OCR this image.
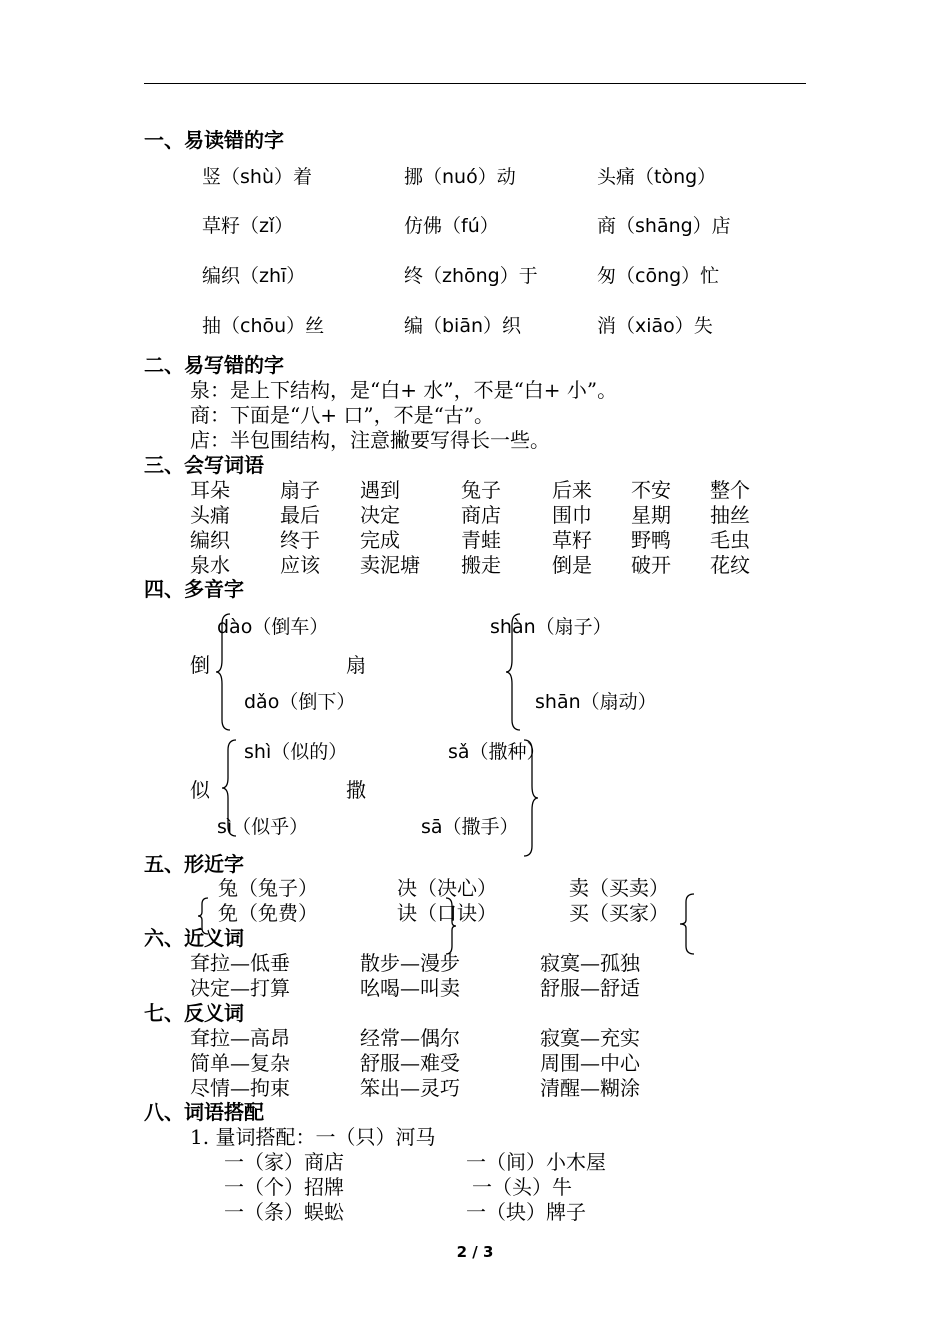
一、易读错的字
竖（shù）着	挪（nuó）动	头痛（tòng）
草籽（zǐ）	仿佛（fú）	商（shāng）店
编织（zhī）	终（zhōng）于	匆（cōng）忙
抽（chōu）丝	编（biān）织	消（xiāo）失
二、易写错的字
泉：是上下结构，是“白+ 水”，不是“白+ 小”。
商：下面是“八+ 口”，不是“古”。
店：半包围结构，注意撇要写得长一些。
三、会写词语
耳朵	扇子 遇到	兔子	后来 不安 整个
头痛	最后 决定	商店	围巾 星期 抽丝
编织	终于 完成	青蛙	草籽 野鸭 毛虫
泉水	应该 卖泥塘 搬走	倒是 破开 花纹
四、多音字
dào（倒车）
倒
dǎo（倒下）
shàn（扇子）
扇
shān（扇动）
shì（似的）
似
sì（似乎）
sǎ（撒种）
撒
sā（撒手）
五、形近字
兔（兔子）	决（决心）	卖（买卖）
免（免费）	诀（口诀）	买（买家）
六、近义词
耷拉—低垂	散步—漫步	寂寞—孤独
决定—打算	吆喝—叫卖	舒服—舒适
七、反义词
耷拉—高昂	经常—偶尔	寂寞—充实
简单—复杂	舒服—难受	周围—中心
尽情—拘束	笨出—灵巧	清醒—糊涂
八、词语搭配
1. 量词搭配：一（只）河马
一（家）商店	一（间）小木屋
一（个）招牌	一（头）牛
一（条）蜈蚣	一（块）牌子
2 / 3
